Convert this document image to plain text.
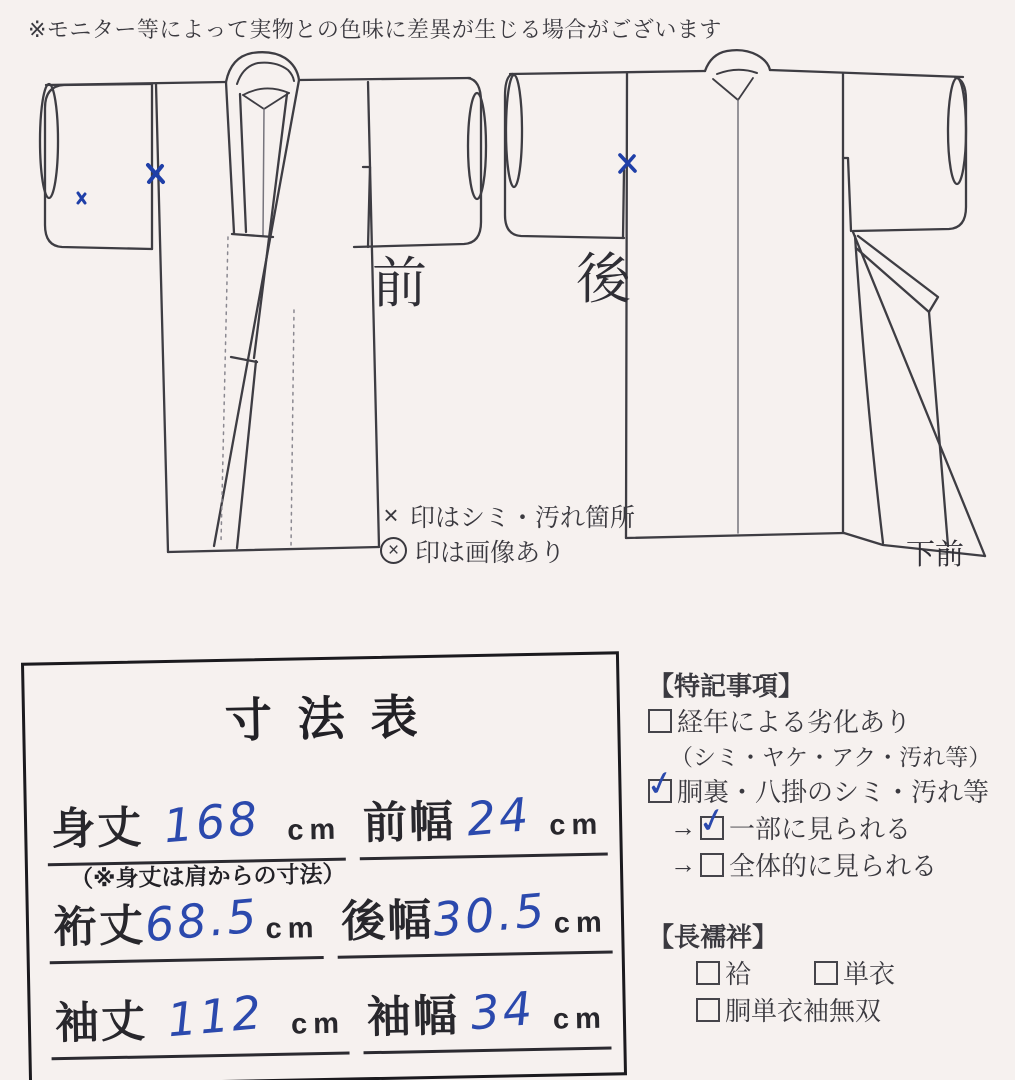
※モニター等によって実物との色味に差異が生じる場合がございます
前	後
下前
× 印はシミ・汚れ箇所
× 印は画像あり
寸法表
身丈 168 cm 前幅 24 cm
（※身丈は肩からの寸法）
裄丈
68.5 cm 後幅
30.5 cm
袖丈 112 cm 袖幅 34 cm
【特記事項】
経年による劣化あり
（シミ・ヤケ・アク・汚れ等）
✓
胴裏・八掛のシミ・汚れ等
→ ✓ 一部に見られる
→ 全体的に見られる
【長襦袢】
袷	単衣
胴単衣袖無双
